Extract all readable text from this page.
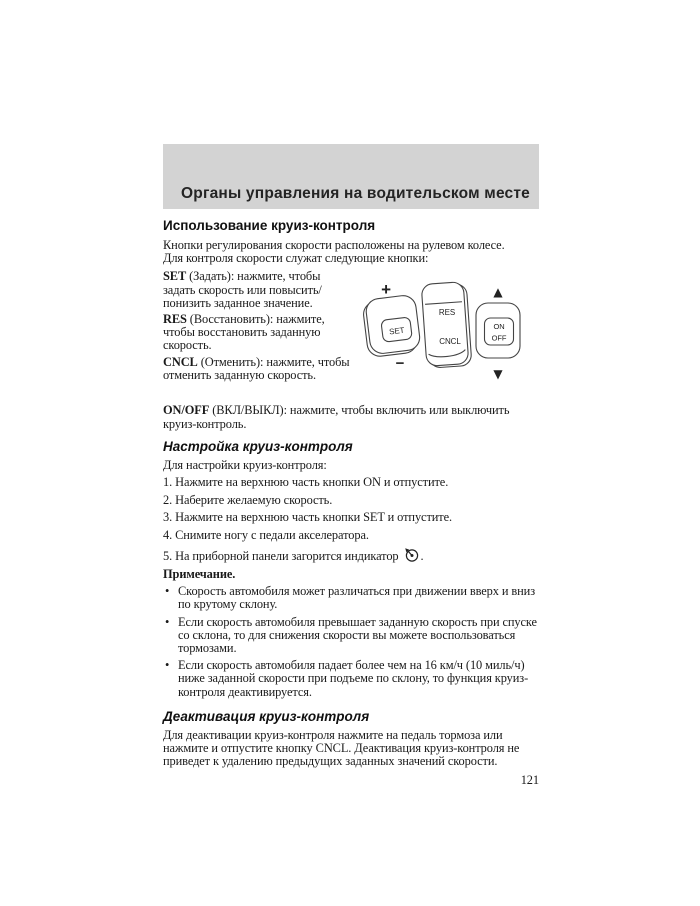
Органы управления на водительском месте
Использование круиз-контроля

Кнопки регулирования скорости расположены на рулевом колесе.

Для контроля скорости служат следующие кнопки:

SET (Задать): нажмите, чтобы задать скорость или повысить/понизить заданное значение.

RES (Восстановить): нажмите, чтобы восстановить заданную скорость.

CNCL (Отменить): нажмите, чтобы отменить заданную скорость.

+
−
SET
RES
CNCL
ON
OFF
▲
▼

ON/OFF (ВКЛ/ВЫКЛ): нажмите, чтобы включить или выключить круиз-контроль.

Настройка круиз-контроля

Для настройки круиз-контроля:

1. Нажмите на верхнюю часть кнопки ON и отпустите.

2. Наберите желаемую скорость.

3. Нажмите на верхнюю часть кнопки SET и отпустите.

4. Снимите ногу с педали акселератора.

5. На приборной панели загорится индикатор .

Примечание.

• Скорость автомобиля может различаться при движении вверх и вниз по крутому склону.
• Если скорость автомобиля превышает заданную скорость при спуске со склона, то для снижения скорости вы можете воспользоваться тормозами.
• Если скорость автомобиля падает более чем на 16 км/ч (10 миль/ч) ниже заданной скорости при подъеме по склону, то функция круиз-контроля деактивируется.
Деактивация круиз-контроля

Для деактивации круиз-контроля нажмите на педаль тормоза или нажмите и отпустите кнопку CNCL. Деактивация круиз-контроля не приведет к удалению предыдущих заданных значений скорости.

121
